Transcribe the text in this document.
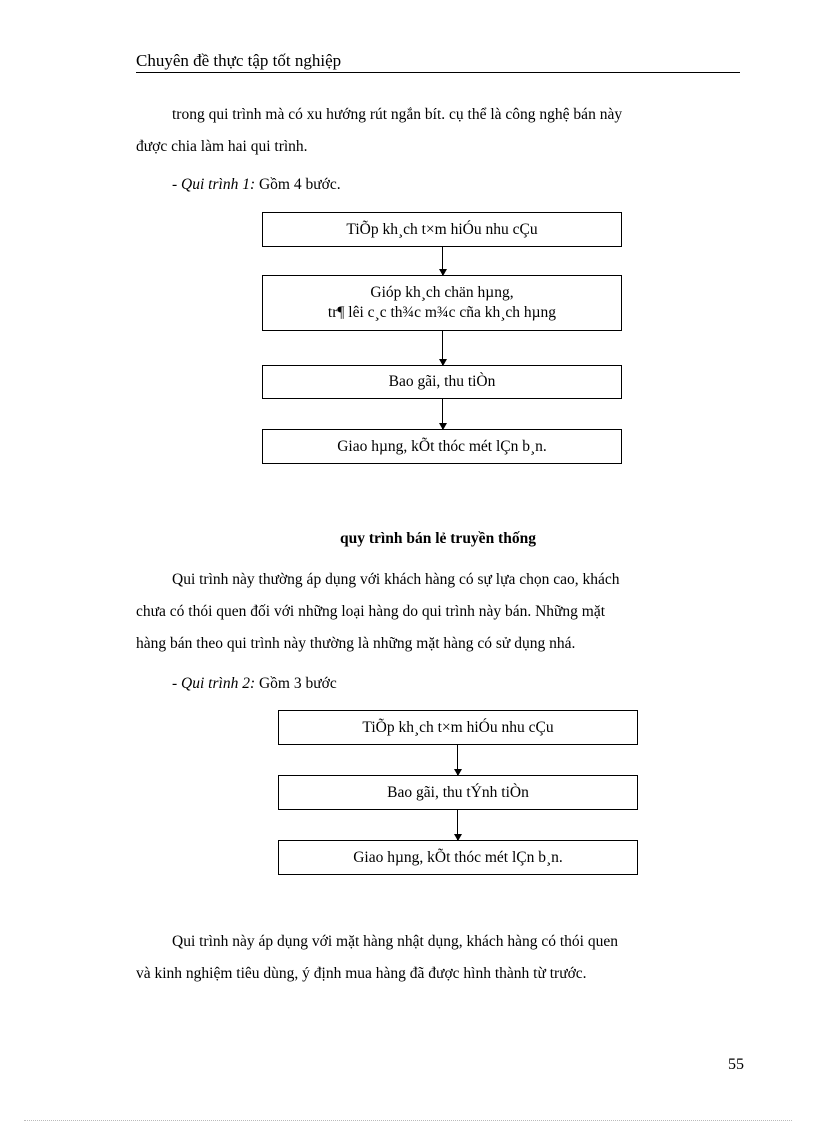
Chuyên đề thực tập tốt nghiệp
trong qui trình mà có xu hướng rút ngắn bít. cụ thể là công nghệ bán này
được chia làm hai qui trình.
- Qui trình 1: Gồm 4 bước.
TiÕp kh¸ch t×m hiÓu nhu cÇu
Gióp kh¸ch chän hµng,
tr¶ lêi c¸c th¾c m¾c cña kh¸ch hµng
Bao gãi, thu tiÒn
Giao hµng, kÕt thóc mét lÇn b¸n.
quy trình bán lẻ truyền thống
Qui trình này thường áp dụng với khách hàng có sự lựa chọn cao, khách
chưa có thói quen đối với những loại hàng do qui trình này bán. Những mặt
hàng bán theo qui trình này thường là những mặt hàng có sử dụng nhá.
- Qui trình 2: Gồm 3 bước
TiÕp kh¸ch t×m hiÓu nhu cÇu
Bao gãi, thu tÝnh tiÒn
Giao hµng, kÕt thóc mét lÇn b¸n.
Qui trình này áp dụng với mặt hàng nhật dụng, khách hàng có thói quen
và kinh nghiệm tiêu dùng, ý định mua hàng đã được hình thành từ trước.
55
